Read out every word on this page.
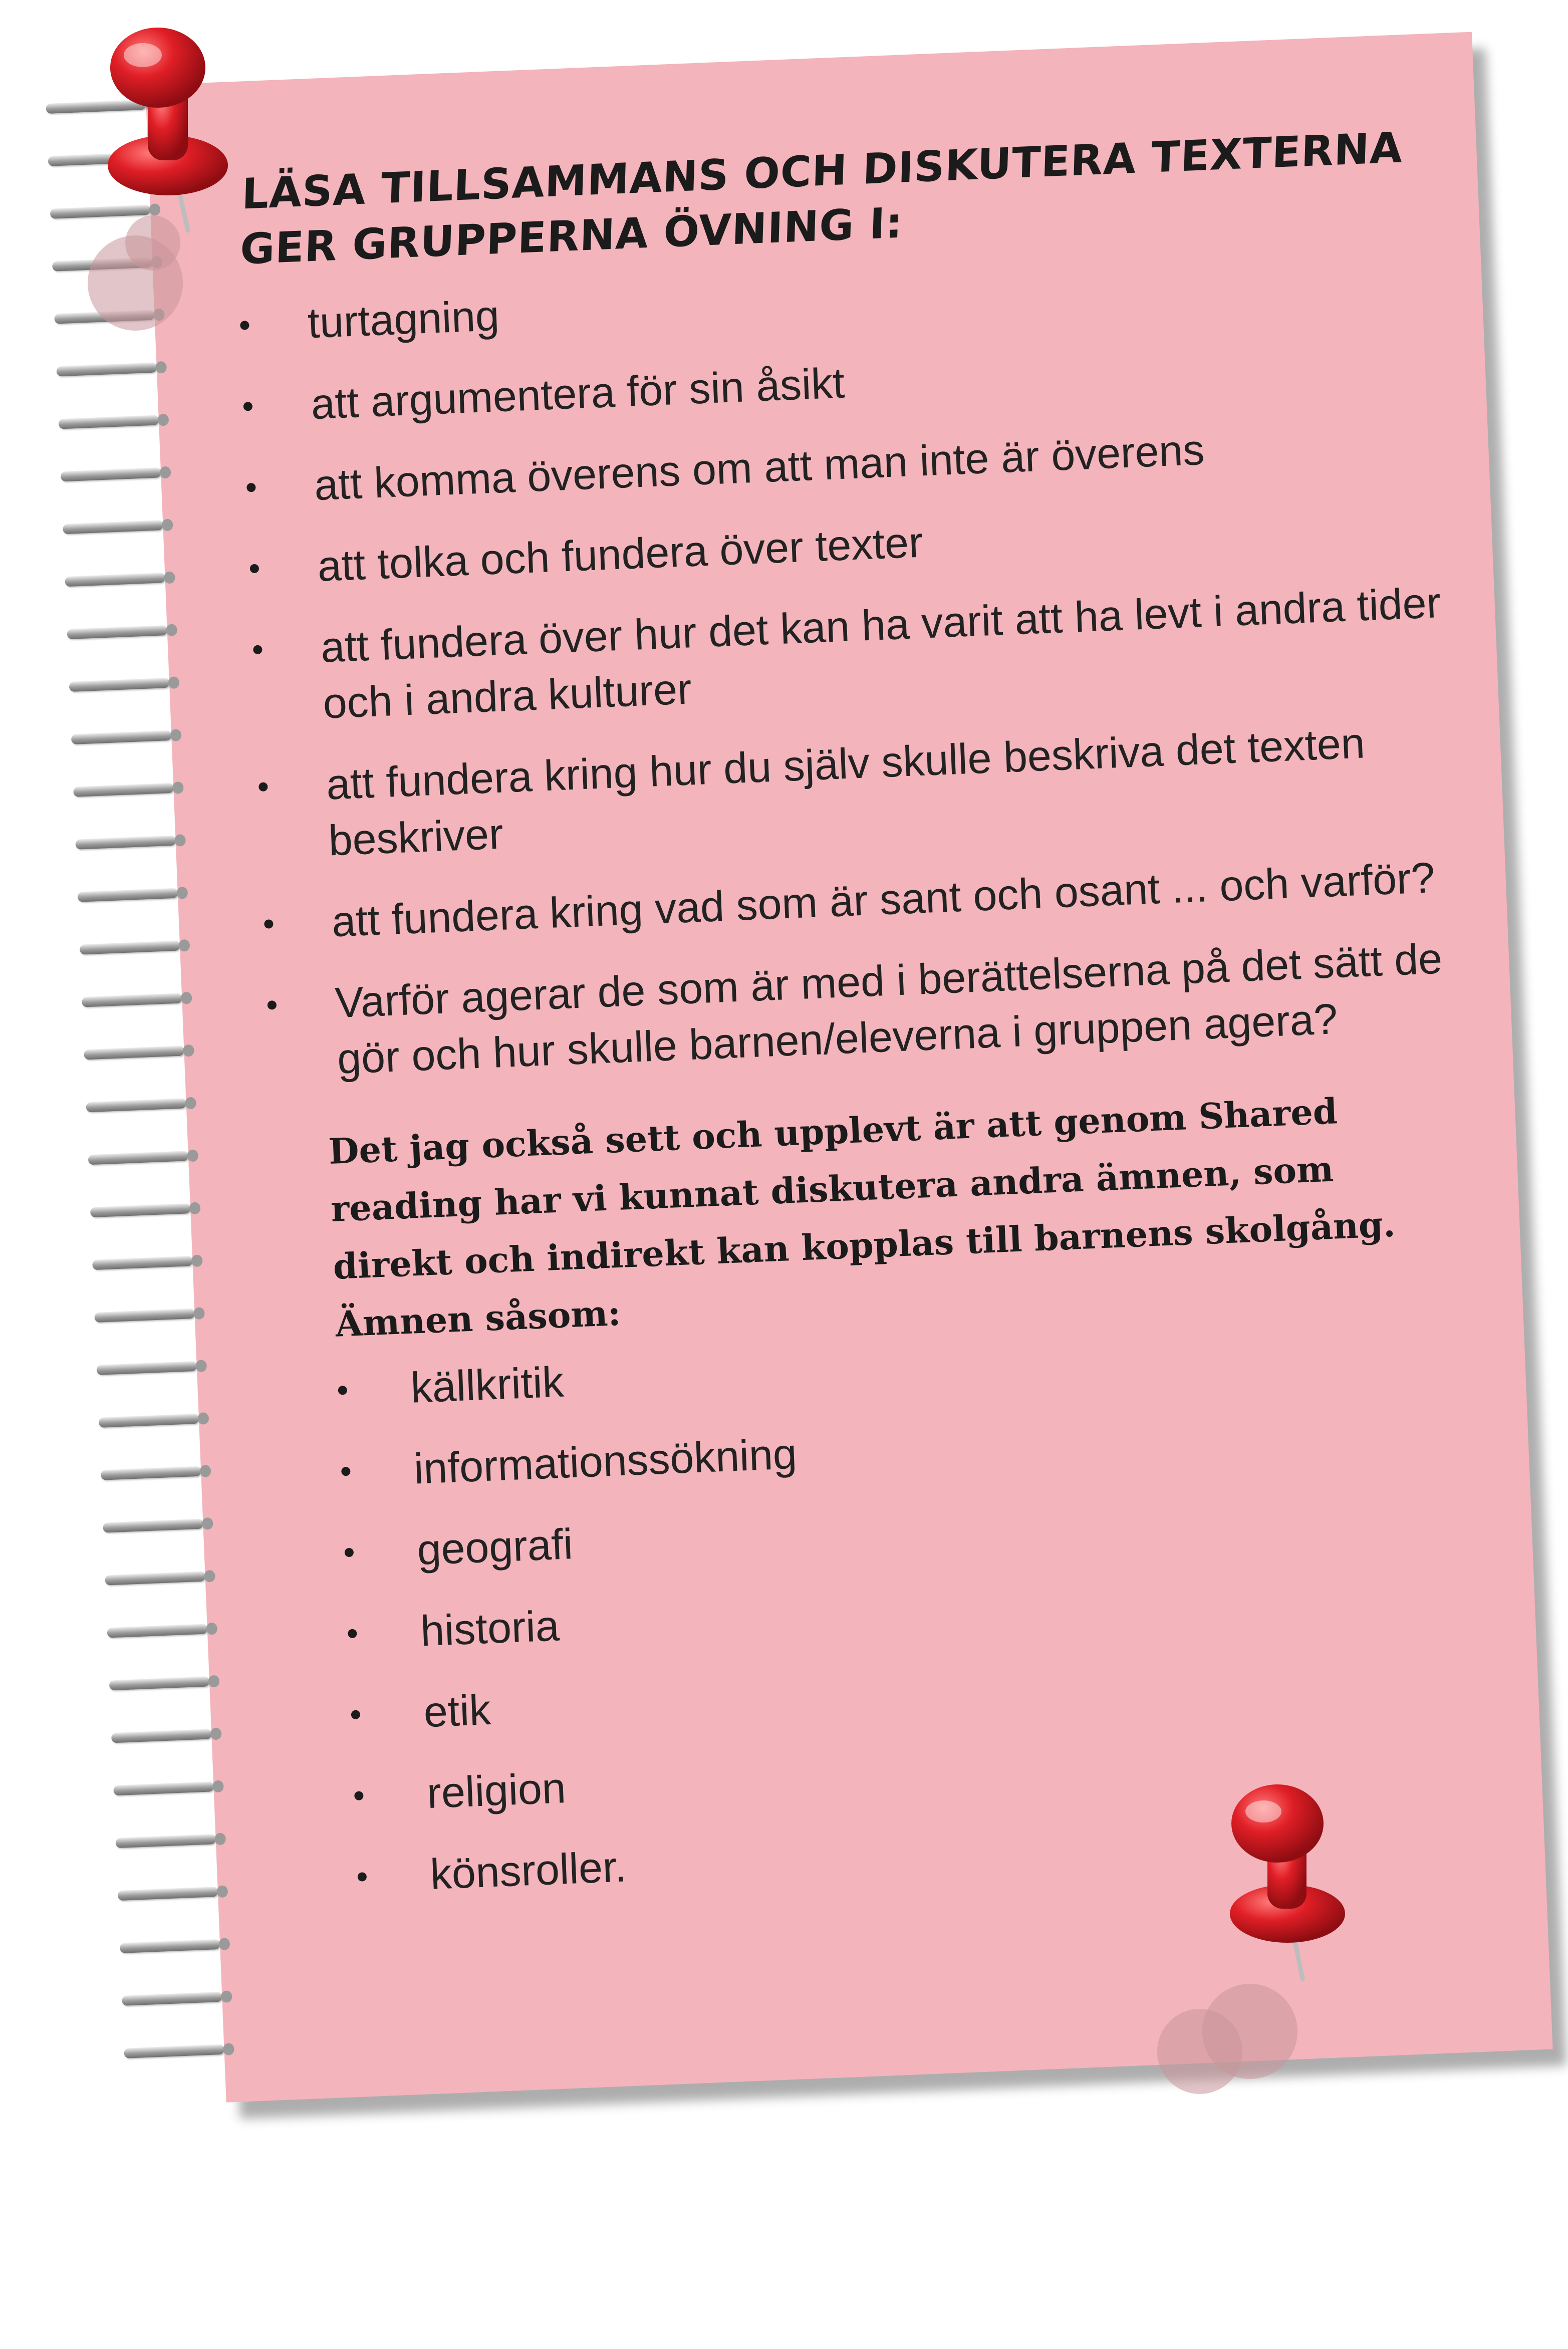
LÄSA TILLSAMMANS OCH DISKUTERA TEXTERNA GER GRUPPERNA ÖVNING I:
turtagning
att argumentera för sin åsikt
att komma överens om att man inte är överens
att tolka och fundera över texter
att fundera över hur det kan ha varit att ha levt i andra tider och i andra kulturer
att fundera kring hur du själv skulle beskriva det texten beskriver
att fundera kring vad som är sant och osant ... och varför?
Varför agerar de som är med i berättelserna på det sätt de gör och hur skulle barnen/eleverna i gruppen agera?
Det jag också sett och upplevt är att genom Shared reading har vi kunnat diskutera andra ämnen, som direkt och indirekt kan kopplas till barnens skolgång. Ämnen såsom:
källkritik
informationssökning
geografi
historia
etik
religion
könsroller.
